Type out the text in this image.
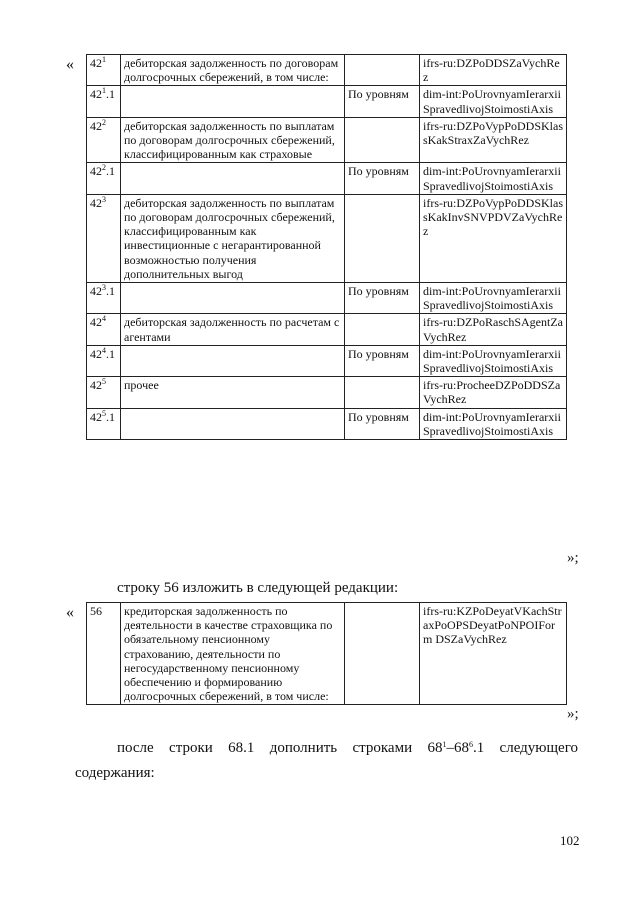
« $42^1$	дебиторская задолженность по договорам долгосрочных сбережений, в том числе:		ifrs-ru:DZPoDDSZaVychRez
$42^1.1$		По уровням	dim-int:PoUrovnyamIerarxiiSpravedlivojStoimostiAxis
$42^2$	дебиторская задолженность по выплатам по договорам долгосрочных сбережений, классифицированным как страховые		ifrs-ru:DZPoVypPoDDSKlassKakStraxZaVychRez
$42^2.1$		По уровням	dim-int:PoUrovnyamIerarxiiSpravedlivojStoimostiAxis
$42^3$	дебиторская задолженность по выплатам по договорам долгосрочных сбережений, классифицированным как инвестиционные с негарантированной возможностью получения дополнительных выгод		ifrs-ru:DZPoVypPoDDSKlassKakInvSNVPDVZaVychRez
$42^3.1$		По уровням	dim-int:PoUrovnyamIerarxiiSpravedlivojStoimostiAxis
$42^4$	дебиторская задолженность по расчетам с агентами		ifrs-ru:DZPoRaschSAgentZaVychRez
$42^4.1$		По уровням	dim-int:PoUrovnyamIerarxiiSpravedlivojStoimostiAxis
$42^5$	прочее		ifrs-ru:ProcheeDZPoDDSZaVychRez
$42^5.1$		По уровням	dim-int:PoUrovnyamIerarxiiSpravedlivojStoimostiAxis
»;
строку 56 изложить в следующей редакции:
« 56	кредиторская задолженность по деятельности в качестве страховщика по обязательному пенсионному страхованию, деятельности по негосударственному пенсионному обеспечению и формированию долгосрочных сбережений, в том числе:		ifrs-ru:KZPoDeyatVKachStraxPoOPSDeyatPoNPOIForm DSZaVychRez
»;
после строки 68.1 дополнить строками $68^1-68^6.1$ следующего
содержания:
102
